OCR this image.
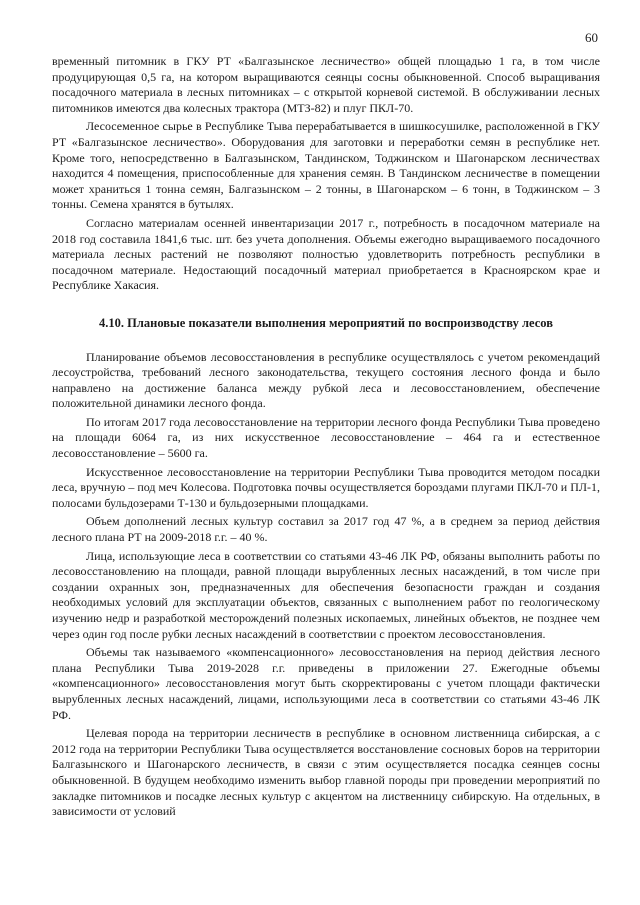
60

временный питомник в ГКУ РТ «Балгазынское лесничество» общей площадью 1 га, в том числе продуцирующая 0,5 га, на котором выращиваются сеянцы сосны обыкновенной. Способ выращивания посадочного материала в лесных питомниках – с открытой корневой системой. В обслуживании лесных питомников имеются два колесных трактора (МТЗ-82) и плуг ПКЛ-70.

Лесосеменное сырье в Республике Тыва перерабатывается в шишкосушилке, расположенной в ГКУ РТ «Балгазынское лесничество». Оборудования для заготовки и переработки семян в республике нет. Кроме того, непосредственно в Балгазынском, Тандинском, Тоджинском и Шагонарском лесничествах находится 4 помещения, приспособленные для хранения семян. В Тандинском лесничестве в помещении может храниться 1 тонна семян, Балгазынском – 2 тонны, в Шагонарском – 6 тонн, в Тоджинском – 3 тонны. Семена хранятся в бутылях.

Согласно материалам осенней инвентаризации 2017 г., потребность в посадочном материале на 2018 год составила 1841,6 тыс. шт. без учета дополнения. Объемы ежегодно выращиваемого посадочного материала лесных растений не позволяют полностью удовлетворить потребность республики в посадочном материале. Недостающий посадочный материал приобретается в Красноярском крае и Республике Хакасия.

4.10. Плановые показатели выполнения мероприятий по воспроизводству лесов

Планирование объемов лесовосстановления в республике осуществлялось с учетом рекомендаций лесоустройства, требований лесного законодательства, текущего состояния лесного фонда и было направлено на достижение баланса между рубкой леса и лесовосстановлением, обеспечение положительной динамики лесного фонда.

По итогам 2017 года лесовосстановление на территории лесного фонда Республики Тыва проведено на площади 6064 га, из них искусственное лесовосстановление – 464 га и естественное лесовосстановление – 5600 га.

Искусственное лесовосстановление на территории Республики Тыва проводится методом посадки леса, вручную – под меч Колесова. Подготовка почвы осуществляется бороздами плугами ПКЛ-70 и ПЛ-1, полосами бульдозерами Т-130 и бульдозерными площадками.

Объем дополнений лесных культур составил за 2017 год 47 %, а в среднем за период действия лесного плана РТ на 2009-2018 г.г. – 40 %.

Лица, использующие леса в соответствии со статьями 43-46 ЛК РФ, обязаны выполнить работы по лесовосстановлению на площади, равной площади вырубленных лесных насаждений, в том числе при создании охранных зон, предназначенных для обеспечения безопасности граждан и создания необходимых условий для эксплуатации объектов, связанных с выполнением работ по геологическому изучению недр и разработкой месторождений полезных ископаемых, линейных объектов, не позднее чем через один год после рубки лесных насаждений в соответствии с проектом лесовосстановления.

Объемы так называемого «компенсационного» лесовосстановления на период действия лесного плана Республики Тыва 2019-2028 г.г. приведены в приложении 27. Ежегодные объемы «компенсационного» лесовосстановления могут быть скорректированы с учетом площади фактически вырубленных лесных насаждений, лицами, использующими леса в соответствии со статьями 43-46 ЛК РФ.

Целевая порода на территории лесничеств в республике в основном лиственница сибирская, а с 2012 года на территории Республики Тыва осуществляется восстановление сосновых боров на территории Балгазынского и Шагонарского лесничеств, в связи с этим осуществляется посадка сеянцев сосны обыкновенной. В будущем необходимо изменить выбор главной породы при проведении мероприятий по закладке питомников и посадке лесных культур с акцентом на лиственницу сибирскую. На отдельных, в зависимости от условий
